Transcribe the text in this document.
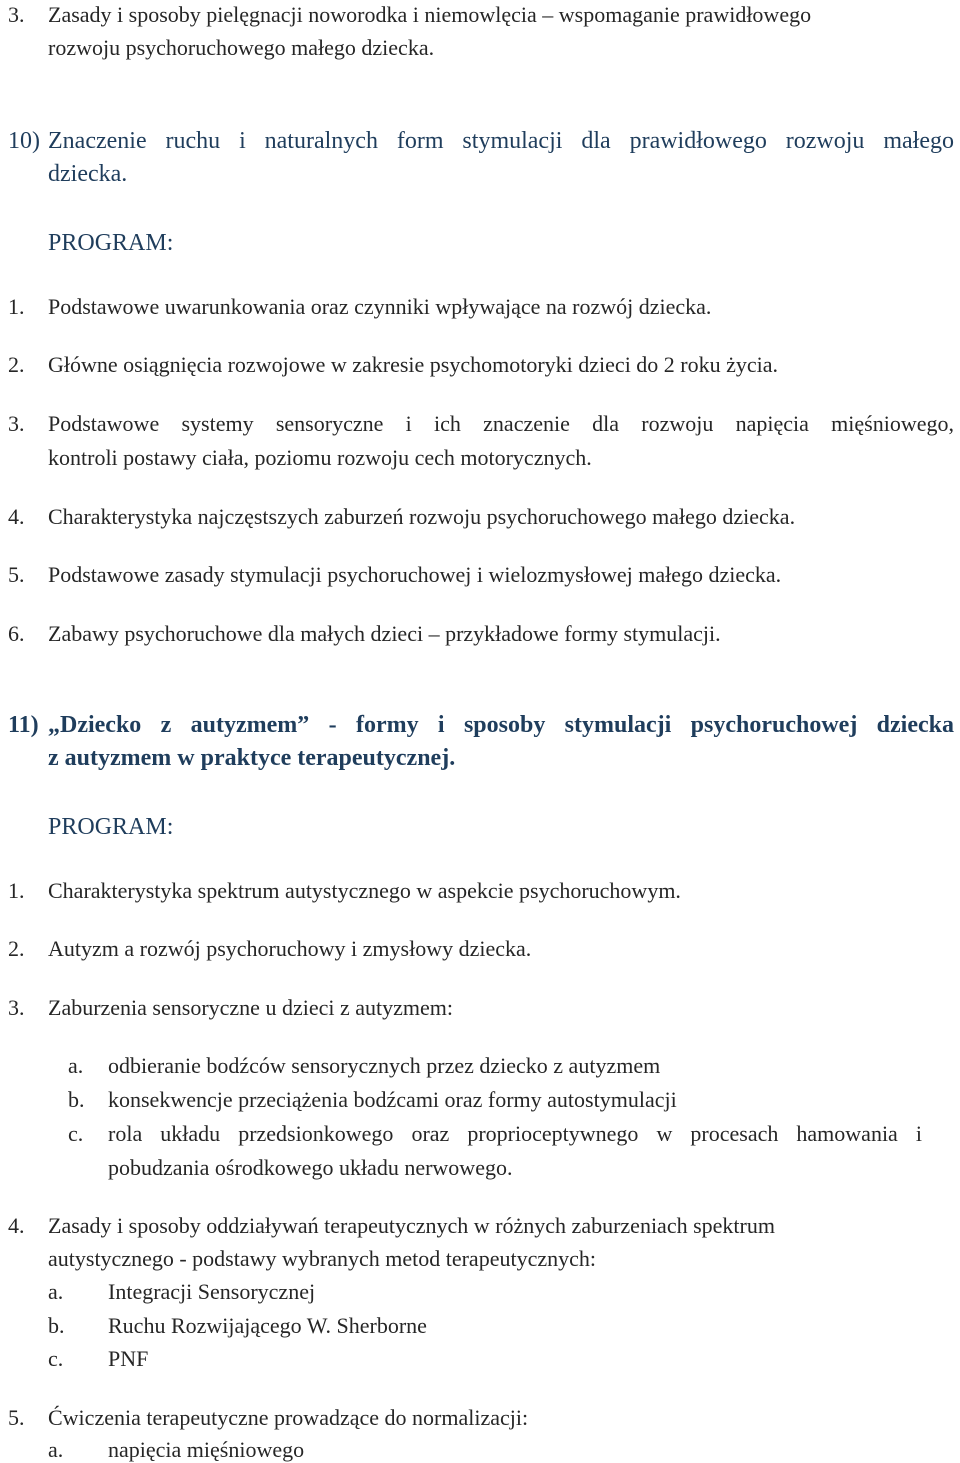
3. Zasady i sposoby pielęgnacji noworodka i niemowlęcia – wspomaganie prawidłowego
rozwoju psychoruchowego małego dziecka.
10) Znaczenie ruchu i naturalnych form stymulacji dla prawidłowego rozwoju małego
dziecka.
PROGRAM:
1. Podstawowe uwarunkowania oraz czynniki wpływające na rozwój dziecka.
2. Główne osiągnięcia rozwojowe w zakresie psychomotoryki dzieci do 2 roku życia.
3. Podstawowe systemy sensoryczne i ich znaczenie dla rozwoju napięcia mięśniowego,
kontroli postawy ciała, poziomu rozwoju cech motorycznych.
4. Charakterystyka najczęstszych zaburzeń rozwoju psychoruchowego małego dziecka.
5. Podstawowe zasady stymulacji psychoruchowej i wielozmysłowej małego dziecka.
6. Zabawy psychoruchowe dla małych dzieci – przykładowe formy stymulacji.
11) „Dziecko z autyzmem” - formy i sposoby stymulacji psychoruchowej dziecka
z autyzmem w praktyce terapeutycznej.
PROGRAM:
1. Charakterystyka spektrum autystycznego w aspekcie psychoruchowym.
2. Autyzm a rozwój psychoruchowy i zmysłowy dziecka.
3. Zaburzenia sensoryczne u dzieci z autyzmem:
a. odbieranie bodźców sensorycznych przez dziecko z autyzmem
b. konsekwencje przeciążenia bodźcami oraz formy autostymulacji
c. rola układu przedsionkowego oraz proprioceptywnego w procesach hamowania i
pobudzania ośrodkowego układu nerwowego.
4. Zasady i sposoby oddziaływań terapeutycznych w różnych zaburzeniach spektrum
autystycznego - podstawy wybranych metod terapeutycznych:
a. Integracji Sensorycznej
b. Ruchu Rozwijającego W. Sherborne
c. PNF
5. Ćwiczenia terapeutyczne prowadzące do normalizacji:
a. napięcia mięśniowego
